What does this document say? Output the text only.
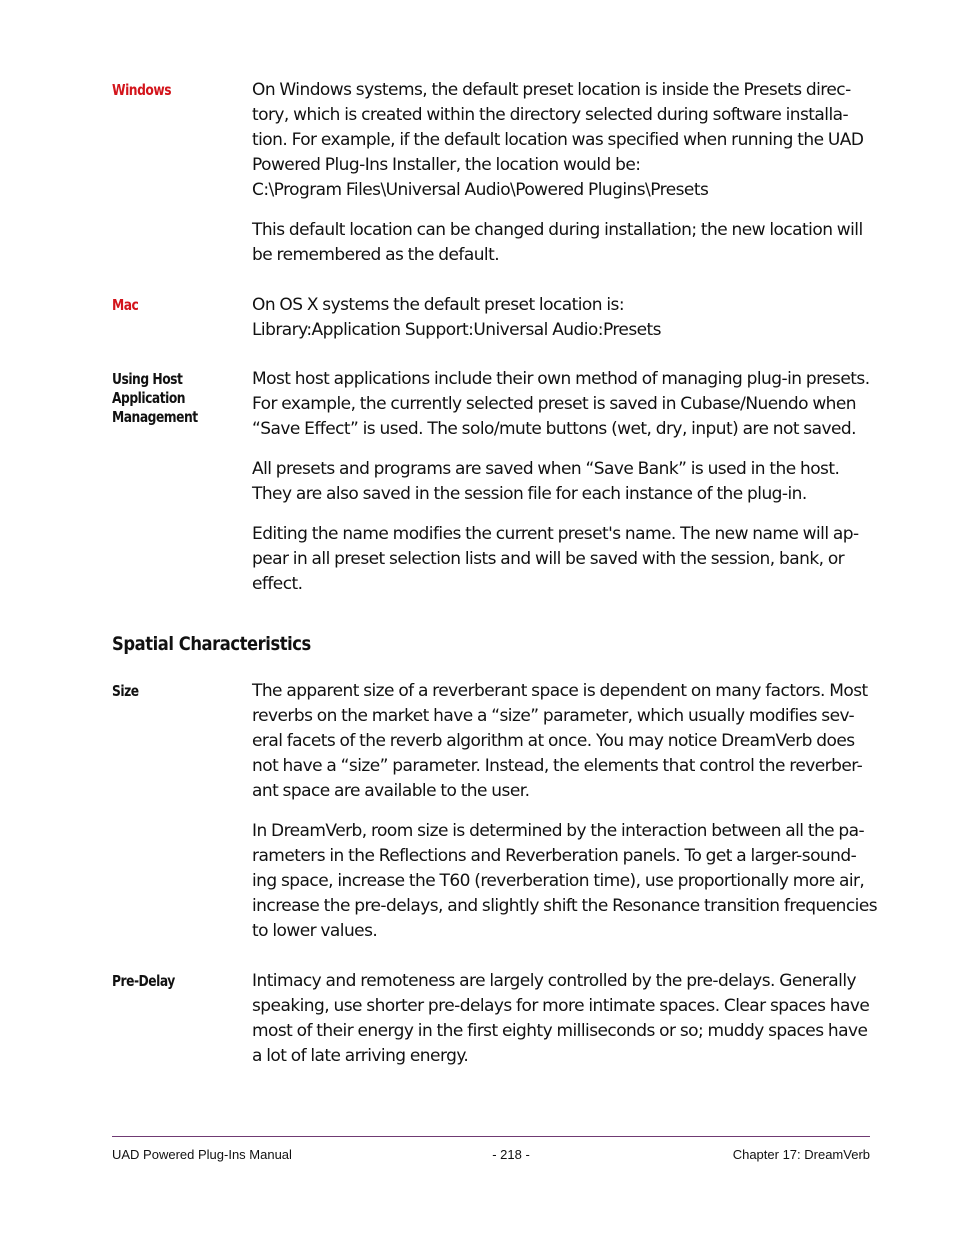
Windows	On Windows systems, the default preset location is inside the Presets direc-
tory, which is created within the directory selected during software installa-
tion. For example, if the default location was specified when running the UAD
Powered Plug-Ins Installer, the location would be:
C:\Program Files\Universal Audio\Powered Plugins\Presets

This default location can be changed during installation; the new location will
be remembered as the default.

Mac	On OS X systems the default preset location is:
Library:Application Support:Universal Audio:Presets

Using Host
Application
Management

Most host applications include their own method of managing plug-in presets.
For example, the currently selected preset is saved in Cubase/Nuendo when
“Save Effect” is used. The solo/mute buttons (wet, dry, input) are not saved.

All presets and programs are saved when “Save Bank” is used in the host.
They are also saved in the session file for each instance of the plug-in.

Editing the name modifies the current preset's name. The new name will ap-
pear in all preset selection lists and will be saved with the session, bank, or
effect.

Spatial Characteristics
Size	The apparent size of a reverberant space is dependent on many factors. Most
reverbs on the market have a “size” parameter, which usually modifies sev-
eral facets of the reverb algorithm at once. You may notice DreamVerb does
not have a “size” parameter. Instead, the elements that control the reverber-
ant space are available to the user.

In DreamVerb, room size is determined by the interaction between all the pa-
rameters in the Reflections and Reverberation panels. To get a larger-sound-
ing space, increase the T60 (reverberation time), use proportionally more air,
increase the pre-delays, and slightly shift the Resonance transition frequencies
to lower values.

Pre-Delay	Intimacy and remoteness are largely controlled by the pre-delays. Generally
speaking, use shorter pre-delays for more intimate spaces. Clear spaces have
most of their energy in the first eighty milliseconds or so; muddy spaces have
a lot of late arriving energy.

UAD Powered Plug-Ins Manual	- 218 -	Chapter 17: DreamVerb
